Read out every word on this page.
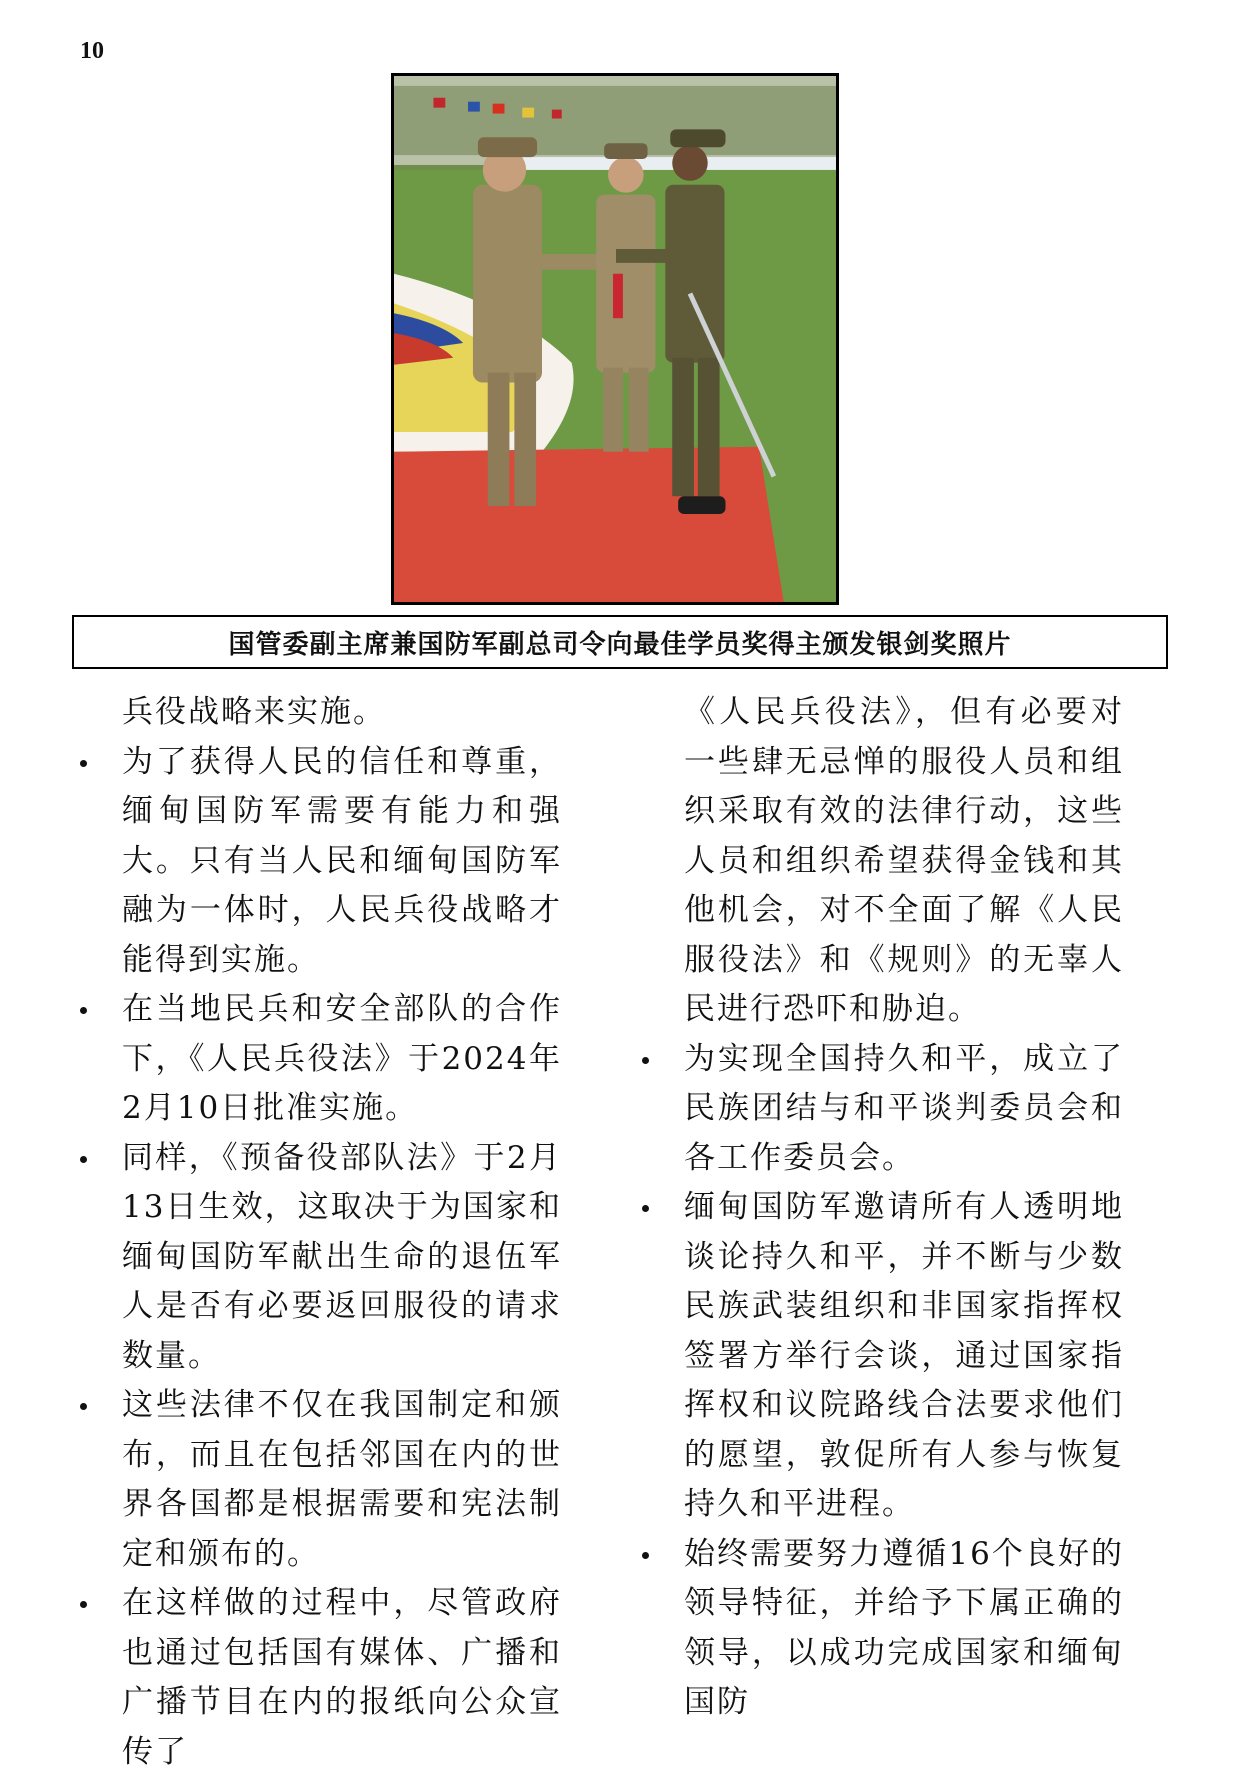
10
国管委副主席兼国防军副总司令向最佳学员奖得主颁发银剑奖照片
兵役战略来实施。
为了获得人民的信任和尊重，缅甸国防军需要有能力和强大。只有当人民和缅甸国防军融为一体时，人民兵役战略才能得到实施。
在当地民兵和安全部队的合作下，《人民兵役法》于2024年2月10日批准实施。
同样，《预备役部队法》于2月13日生效，这取决于为国家和缅甸国防军献出生命的退伍军人是否有必要返回服役的请求数量。
这些法律不仅在我国制定和颁布，而且在包括邻国在内的世界各国都是根据需要和宪法制定和颁布的。
在这样做的过程中，尽管政府也通过包括国有媒体、广播和广播节目在内的报纸向公众宣传了
《人民兵役法》，但有必要对一些肆无忌惮的服役人员和组织采取有效的法律行动，这些人员和组织希望获得金钱和其他机会，对不全面了解《人民服役法》和《规则》的无辜人民进行恐吓和胁迫。
为实现全国持久和平，成立了民族团结与和平谈判委员会和各工作委员会。
缅甸国防军邀请所有人透明地谈论持久和平，并不断与少数民族武装组织和非国家指挥权签署方举行会谈，通过国家指挥权和议院路线合法要求他们的愿望，敦促所有人参与恢复持久和平进程。
始终需要努力遵循16个良好的领导特征，并给予下属正确的领导，以成功完成国家和缅甸国防
